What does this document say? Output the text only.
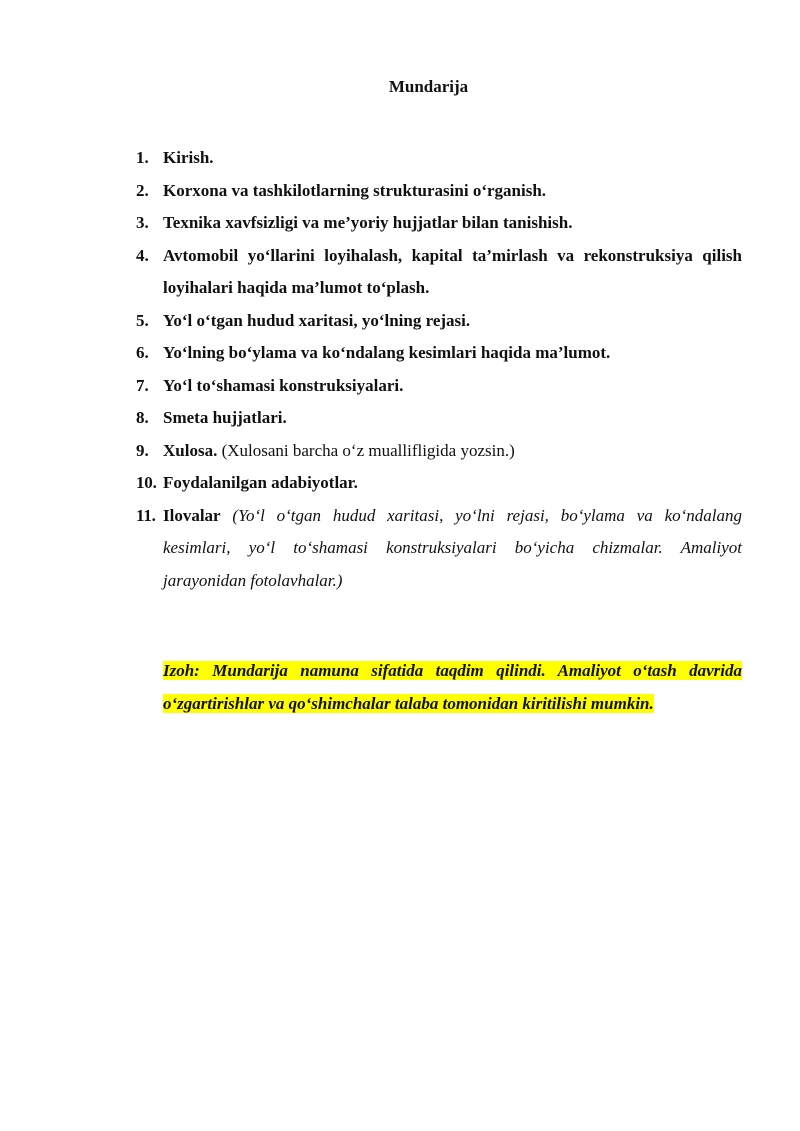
Mundarija
1. Kirish.
2. Korxona va tashkilotlarning strukturasini o‘rganish.
3. Texnika xavfsizligi va me’yoriy hujjatlar bilan tanishish.
4. Avtomobil yo‘llarini loyihalash, kapital ta’mirlash va rekonstruksiya qilish loyihalari haqida ma’lumot to‘plash.
5. Yo‘l o‘tgan hudud xaritasi, yo‘lning rejasi.
6. Yo‘lning bo‘ylama va ko‘ndalang kesimlari haqida ma’lumot.
7. Yo‘l to‘shamasi konstruksiyalari.
8. Smeta hujjatlari.
9. Xulosa. (Xulosani barcha o‘z muallifligida yozsin.)
10. Foydalanilgan adabiyotlar.
11. Ilovalar (Yo‘l o‘tgan hudud xaritasi, yo‘lni rejasi, bo‘ylama va ko‘ndalang kesimlari, yo‘l to‘shamasi konstruksiyalari bo‘yicha chizmalar. Amaliyot jarayonidan fotolavhalar.)
Izoh: Mundarija namuna sifatida taqdim qilindi. Amaliyot o‘tash davrida o‘zgartirishlar va qo‘shimchalar talaba tomonidan kiritilishi mumkin.
